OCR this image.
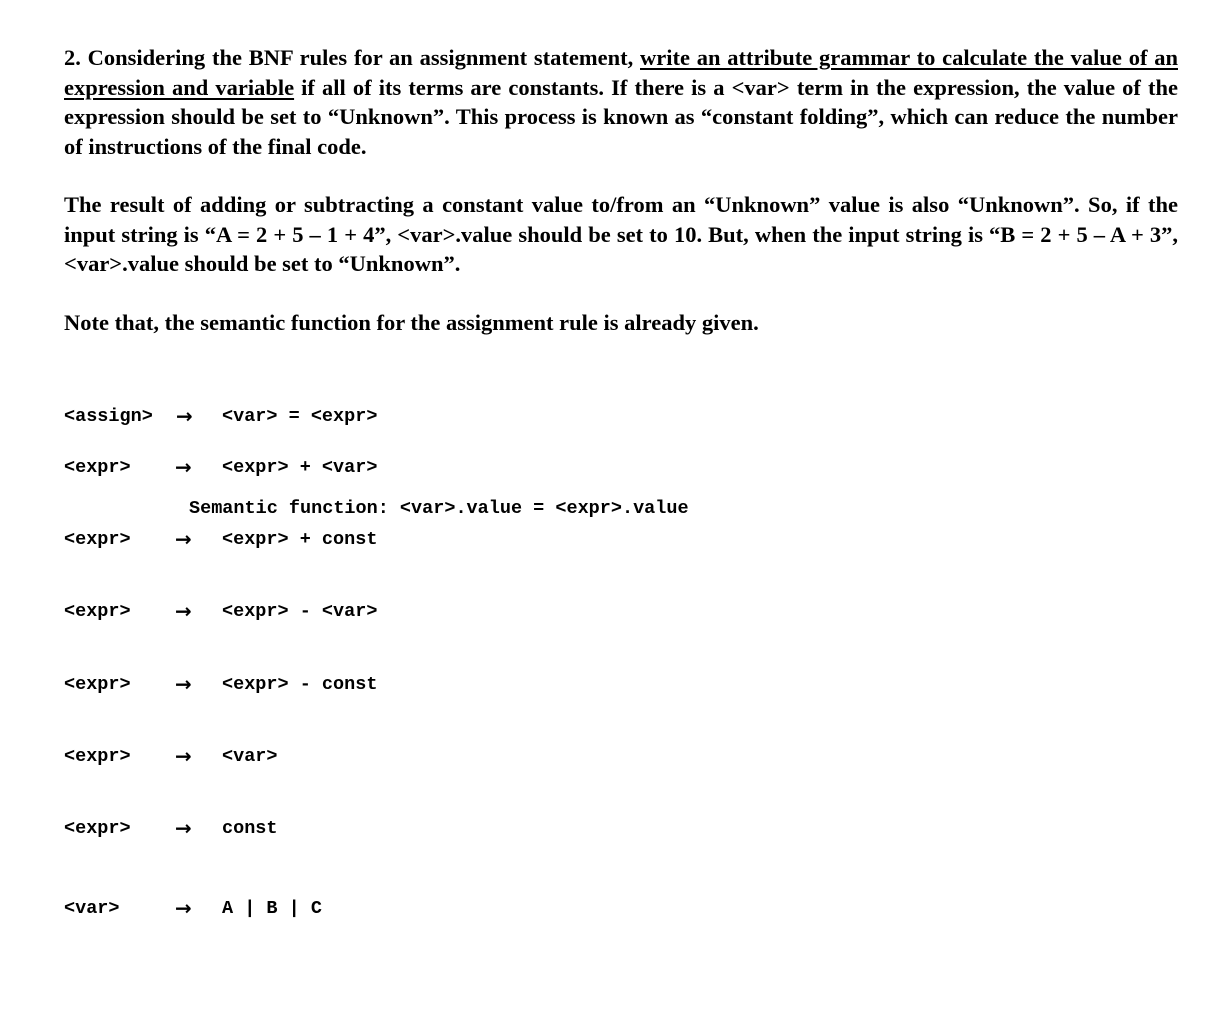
2. Considering the BNF rules for an assignment statement, write an attribute grammar to calculate the value of an expression and variable if all of its terms are constants. If there is a <var> term in the expression, the value of the expression should be set to “Unknown”. This process is known as “constant folding”, which can reduce the number of instructions of the final code.

The result of adding or subtracting a constant value to/from an “Unknown” value is also “Unknown”. So, if the input string is “A = 2 + 5 – 1 + 4”, <var>.value should be set to 10. But, when the input string is “B = 2 + 5 – A + 3”, <var>.value should be set to “Unknown”.

Note that, the semantic function for the assignment rule is already given.

<assign>

→

<var> = <expr>

Semantic function: <var>.value = <expr>.value

<expr>

→

<expr> + <var>

<expr>

→

<expr> + const

<expr>

→

<expr> - <var>

<expr>

→

<expr> - const

<expr>

→

<var>

<expr>

→

const

<var>

	→

A | B | C
